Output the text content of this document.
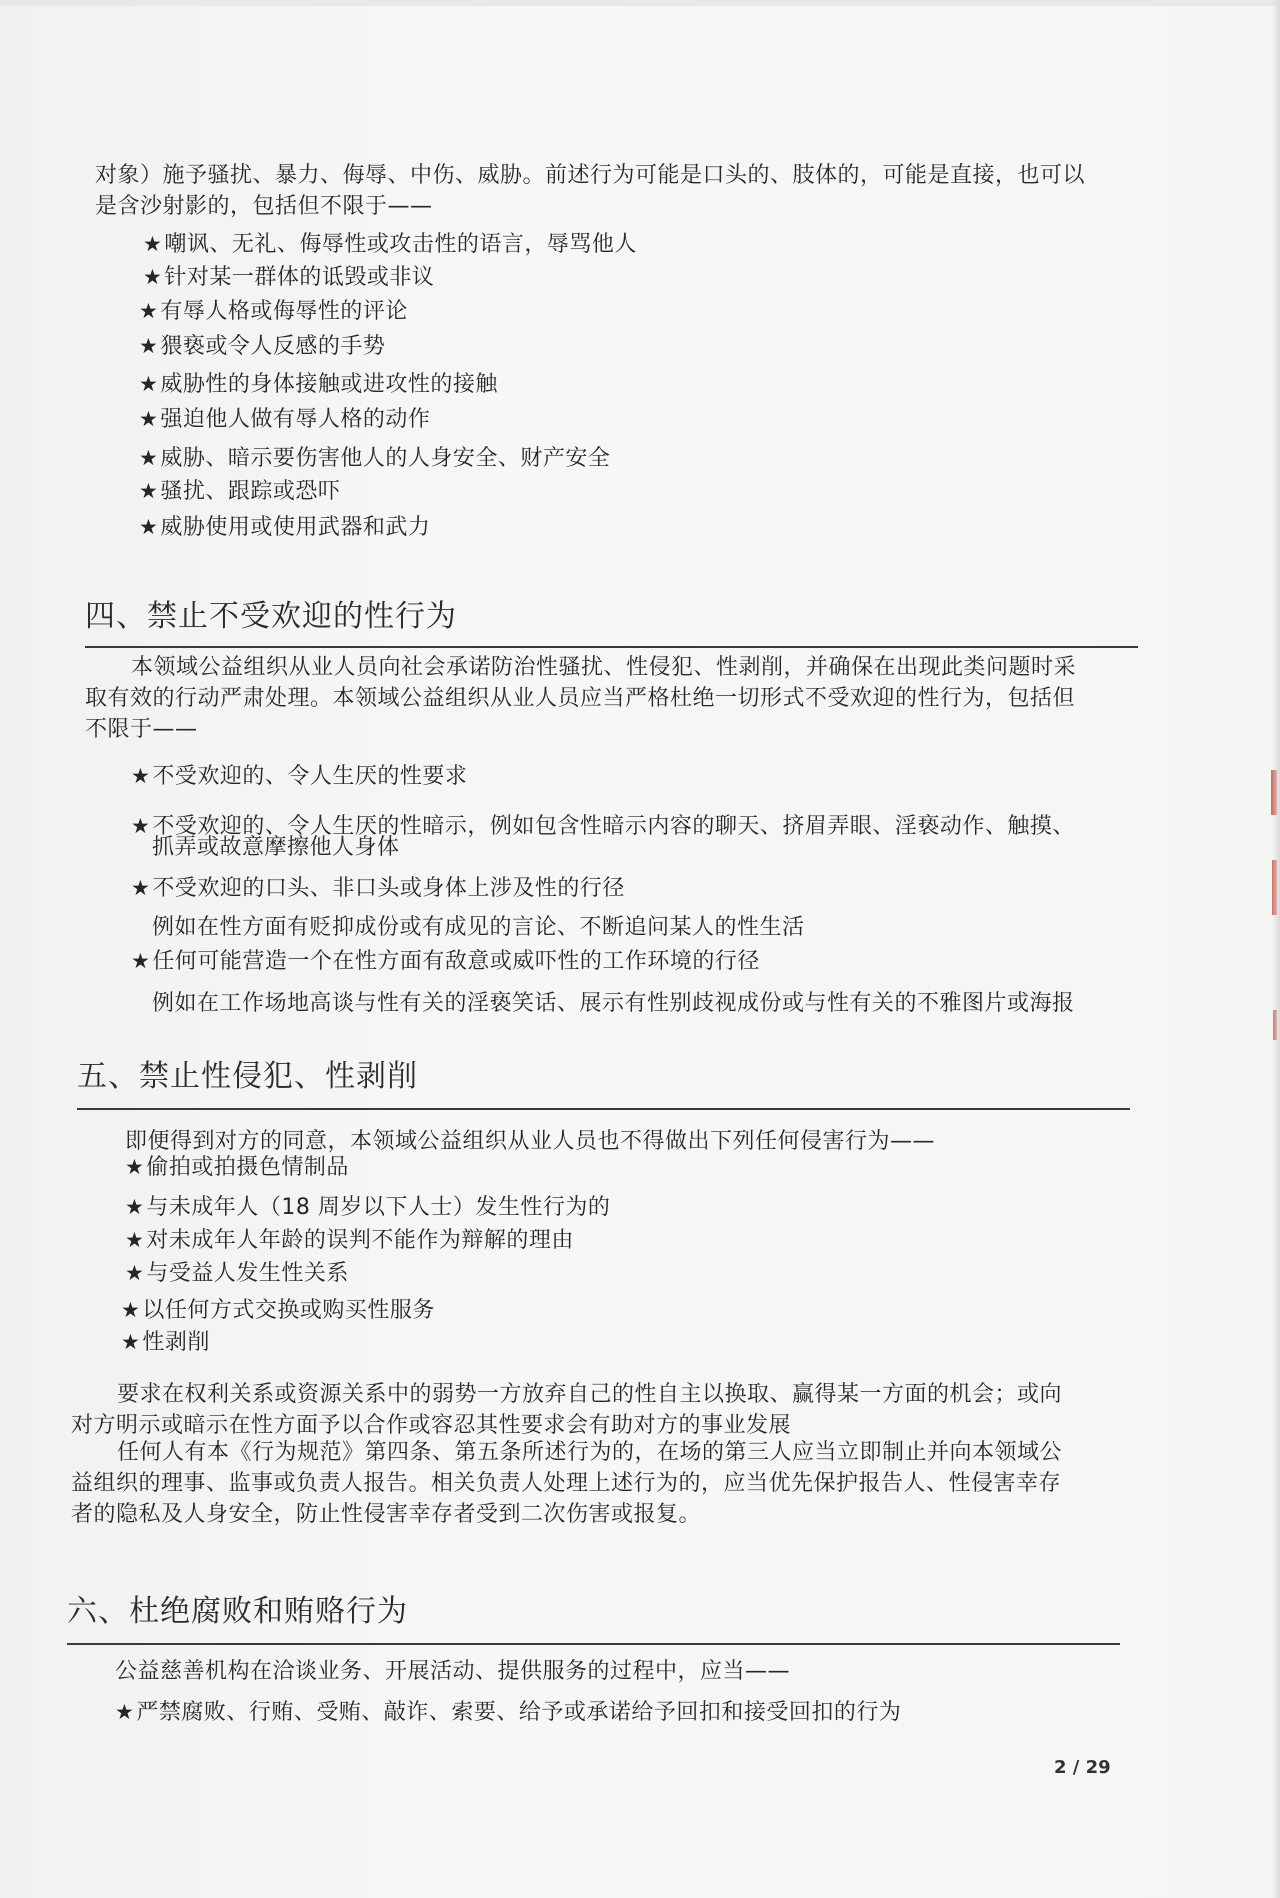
对象）施予骚扰、暴力、侮辱、中伤、威胁。前述行为可能是口头的、肢体的，可能是直接，也可以
是含沙射影的，包括但不限于——
★嘲讽、无礼、侮辱性或攻击性的语言，辱骂他人
★针对某一群体的诋毁或非议
★有辱人格或侮辱性的评论
★猥亵或令人反感的手势
★威胁性的身体接触或进攻性的接触
★强迫他人做有辱人格的动作
★威胁、暗示要伤害他人的人身安全、财产安全
★骚扰、跟踪或恐吓
★威胁使用或使用武器和武力
四、禁止不受欢迎的性行为
本领域公益组织从业人员向社会承诺防治性骚扰、性侵犯、性剥削，并确保在出现此类问题时采
取有效的行动严肃处理。本领域公益组织从业人员应当严格杜绝一切形式不受欢迎的性行为，包括但
不限于——
★不受欢迎的、令人生厌的性要求
★不受欢迎的、令人生厌的性暗示，例如包含性暗示内容的聊天、挤眉弄眼、淫亵动作、触摸、
抓弄或故意摩擦他人身体
★不受欢迎的口头、非口头或身体上涉及性的行径
例如在性方面有贬抑成份或有成见的言论、不断追问某人的性生活
★任何可能营造一个在性方面有敌意或威吓性的工作环境的行径
例如在工作场地高谈与性有关的淫亵笑话、展示有性别歧视成份或与性有关的不雅图片或海报
五、禁止性侵犯、性剥削
即便得到对方的同意，本领域公益组织从业人员也不得做出下列任何侵害行为——
★偷拍或拍摄色情制品
★与未成年人（18 周岁以下人士）发生性行为的
★对未成年人年龄的误判不能作为辩解的理由
★与受益人发生性关系
★以任何方式交换或购买性服务
★性剥削
要求在权利关系或资源关系中的弱势一方放弃自己的性自主以换取、赢得某一方面的机会；或向
对方明示或暗示在性方面予以合作或容忍其性要求会有助对方的事业发展
任何人有本《行为规范》第四条、第五条所述行为的，在场的第三人应当立即制止并向本领域公
益组织的理事、监事或负责人报告。相关负责人处理上述行为的，应当优先保护报告人、性侵害幸存
者的隐私及人身安全，防止性侵害幸存者受到二次伤害或报复。
六、杜绝腐败和贿赂行为
公益慈善机构在洽谈业务、开展活动、提供服务的过程中，应当——
★严禁腐败、行贿、受贿、敲诈、索要、给予或承诺给予回扣和接受回扣的行为
2 / 29
